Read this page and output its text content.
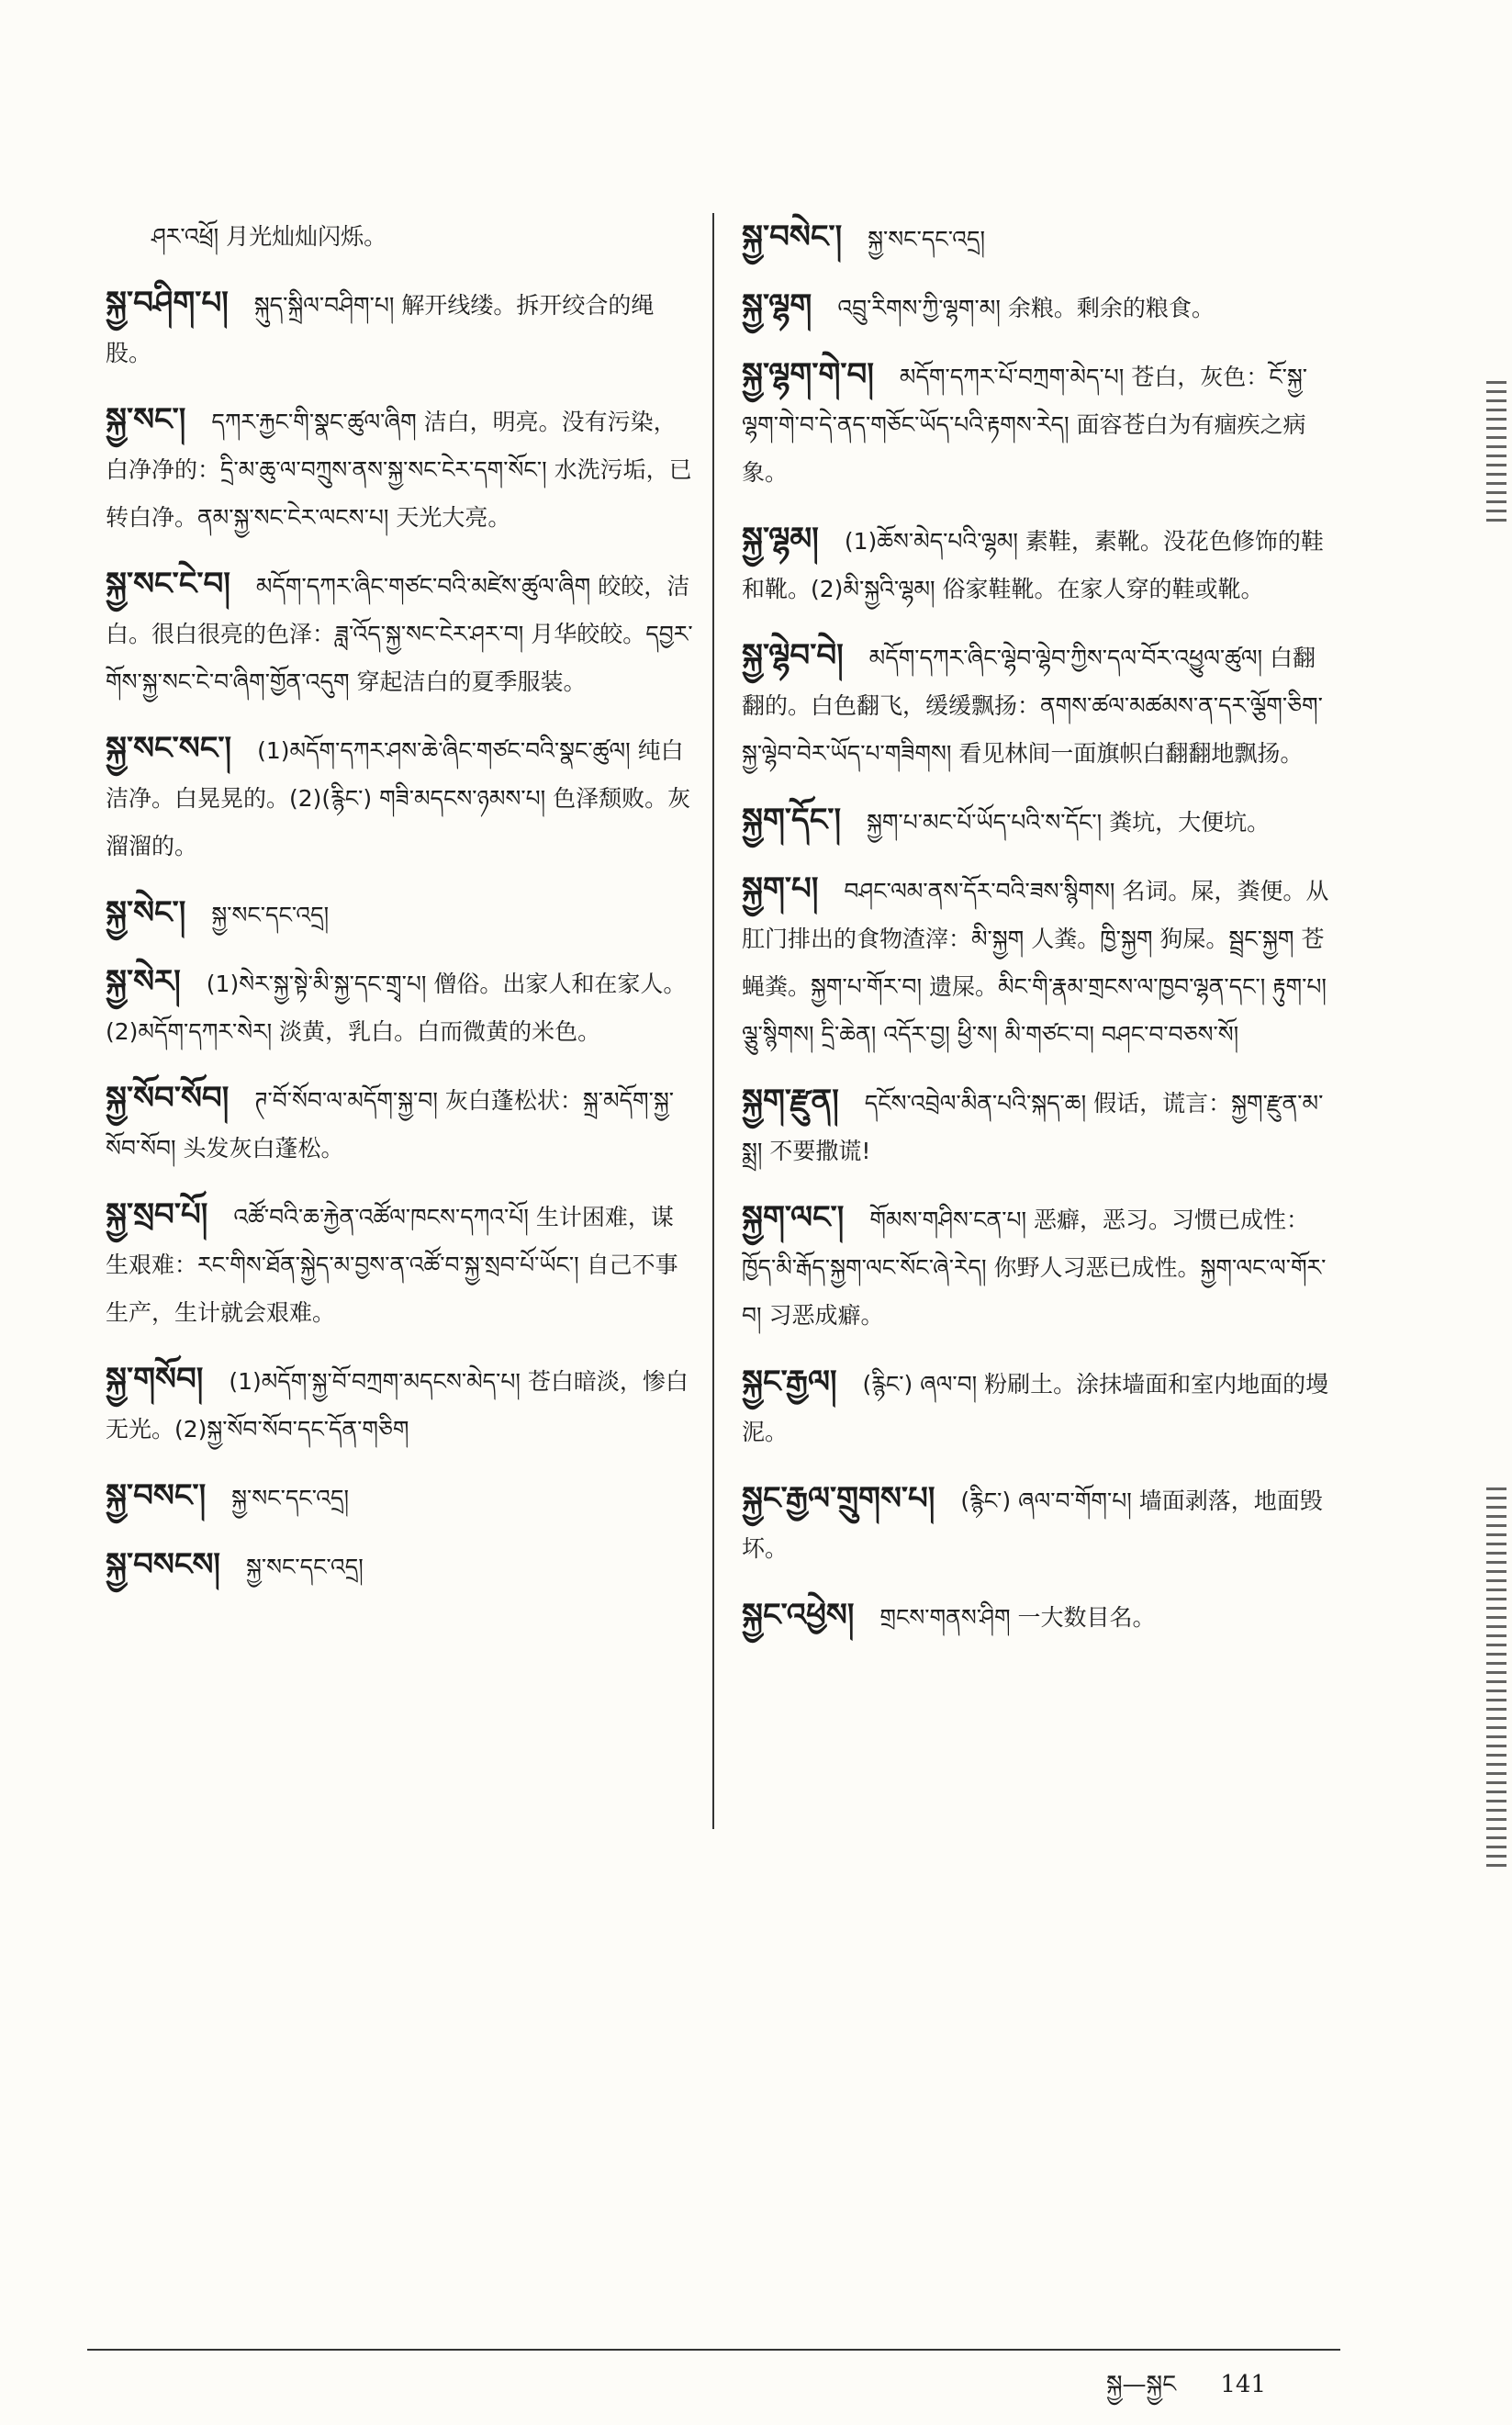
ཤར་འཕྲོ། 月光灿灿闪烁。
སྐྱ་བཤིག་པ། སྐུད་སྐྲིལ་བཤིག་པ། 解开线缕。拆开绞合的绳股。
སྐྱ་སང་། དཀར་རྐྱང་གི་སྣང་ཚུལ་ཞིག 洁白，明亮。没有污染，白净净的：དྲི་མ་ཆུ་ལ་བཀྲུས་ནས་སྐྱ་སང་ངེར་དག་སོང་། 水洗污垢，已转白净。ནམ་སྐྱ་སང་ངེར་ལངས་པ། 天光大亮。
སྐྱ་སང་ངེ་བ། མདོག་དཀར་ཞིང་གཙང་བའི་མཛེས་ཚུལ་ཞིག 皎皎，洁白。很白很亮的色泽：ཟླ་འོད་སྐྱ་སང་ངེར་ཤར་བ། 月华皎皎。དབྱར་གོས་སྐྱ་སང་ངེ་བ་ཞིག་གྱོན་འདུག 穿起洁白的夏季服装。
སྐྱ་སང་སང་། (1)མདོག་དཀར་ཤས་ཆེ་ཞིང་གཙང་བའི་སྣང་ཚུལ། 纯白洁净。白晃晃的。(2)(རྙིང་) གཟི་མདངས་ཉམས་པ། 色泽颓败。灰溜溜的。
སྐྱ་སེང་། སྐྱ་སང་དང་འདྲ།
སྐྱ་སེར། (1)སེར་སྐྱ་སྟེ་མི་སྐྱ་དང་གྲྭ་པ། 僧俗。出家人和在家人。(2)མདོག་དཀར་སེར། 淡黄，乳白。白而微黄的米色。
སྐྱ་སོབ་སོབ། ཊ་བོ་སོབ་ལ་མདོག་སྐྱ་བ། 灰白蓬松状：སྐྲ་མདོག་སྐྱ་སོབ་སོབ། 头发灰白蓬松。
སྐྱ་སྲབ་པོ། འཚོ་བའི་ཆ་རྐྱེན་འཚོལ་ཁངས་དཀའ་པོ། 生计困难，谋生艰难：རང་གིས་ཐོན་སྐྱེད་མ་བྱས་ན་འཚོ་བ་སྐྱ་སྲབ་པོ་ཡོང་། 自己不事生产，生计就会艰难。
སྐྱ་གསོབ། (1)མདོག་སྐྱ་བོ་བཀྲག་མདངས་མེད་པ། 苍白暗淡，惨白无光。(2)སྐྱ་སོབ་སོབ་དང་དོན་གཅིག
སྐྱ་བསང་། སྐྱ་སང་དང་འདྲ།
སྐྱ་བསངས། སྐྱ་སང་དང་འདྲ།
སྐྱ་བསེང་། སྐྱ་སང་དང་འདྲ།
སྐྱ་ལྷག འབྲུ་རིགས་ཀྱི་ལྷག་མ། 余粮。剩余的粮食。
སྐྱ་ལྷག་གེ་བ། མདོག་དཀར་པོ་བཀྲག་མེད་པ། 苍白，灰色：ངོ་སྐྱ་ལྷག་གེ་བ་དེ་ནད་གཅོང་ཡོད་པའི་རྟགས་རེད། 面容苍白为有痼疾之病象。
སྐྱ་ལྷམ། (1)ཆོས་མེད་པའི་ལྷམ། 素鞋，素靴。没花色修饰的鞋和靴。(2)མི་སྐྱའི་ལྷམ། 俗家鞋靴。在家人穿的鞋或靴。
སྐྱ་ལྷེབ་བེ། མདོག་དཀར་ཞིང་ལྷེབ་ལྷེབ་ཀྱིས་དལ་བོར་འཕྱུལ་ཚུལ། 白翻翻的。白色翻飞，缓缓飘扬：ནགས་ཚལ་མཚམས་ན་དར་ལྕོག་ཅིག་སྐྱ་ལྷེབ་བེར་ཡོད་པ་གཟིགས། 看见林间一面旗帜白翻翻地飘扬。
སྐྱག་དོང་། སྐྱག་པ་མང་པོ་ཡོད་པའི་ས་དོང་། 粪坑，大便坑。
སྐྱག་པ། བཤང་ལམ་ནས་དོར་བའི་ཟས་སྙིགས། 名词。屎，粪便。从肛门排出的食物渣滓：མི་སྐྱག 人粪。ཁྱི་སྐྱག 狗屎。སྦྲང་སྐྱག 苍蝇粪。སྐྱག་པ་གོར་བ། 遗屎。མིང་གི་རྣམ་གྲངས་ལ་ཁྱབ་ལྷན་དང་། རྟུག་པ། ལྕུ་སྙིགས། དྲི་ཆེན། འདོར་བྱ། ཕྱི་ས། མི་གཙང་བ། བཤང་བ་བཅས་སོ།
སྐྱག་རྫུན། དངོས་འབྲེལ་མིན་པའི་སྐད་ཆ། 假话，谎言：སྐྱག་རྫུན་མ་སྨྲ། 不要撒谎!
སྐྱག་ལང་། གོམས་གཤིས་ངན་པ། 恶癖，恶习。习惯已成性：ཁྱོད་མི་རྒོད་སྐྱག་ལང་སོང་ཞེ་རེད། 你野人习恶已成性。སྐྱག་ལང་ལ་གོར་བ། 习恶成癖。
སྐྱང་རྒྱལ། (རྙིང་) ཞལ་བ། 粉刷土。涂抹墙面和室内地面的墁泥。
སྐྱང་རྒྱལ་གྲུགས་པ། (རྙིང་) ཞལ་བ་གོག་པ། 墙面剥落，地面毁坏。
སྐྱང་འཕྱེས། གྲངས་གནས་ཤིག 一大数目名。
སྐྱ—སྐྱང 141
